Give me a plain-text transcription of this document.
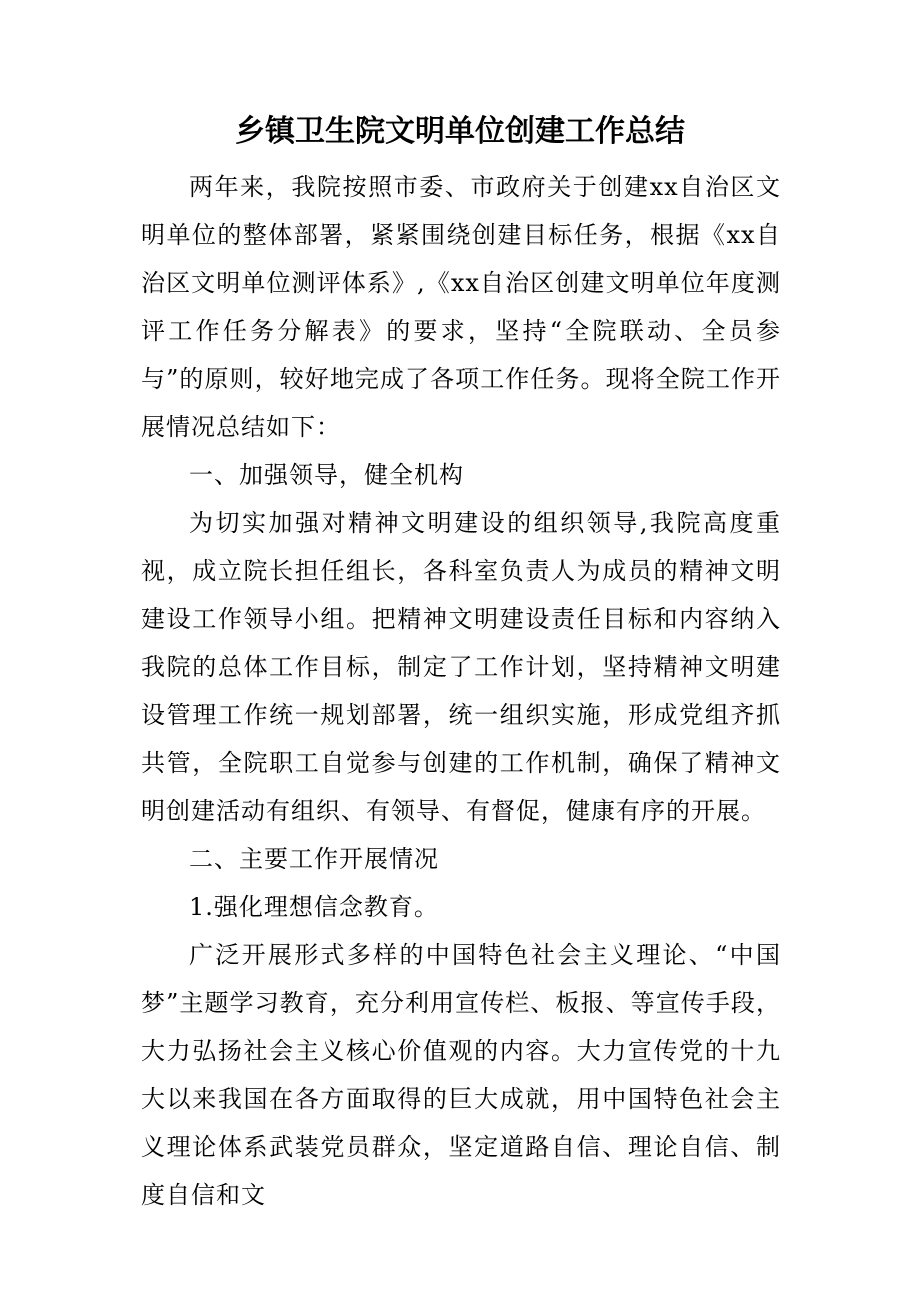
乡镇卫生院文明单位创建工作总结

两年来，我院按照市委、市政府关于创建xx自治区文明单位的整体部署，紧紧围绕创建目标任务，根据《xx自治区文明单位测评体系》,《xx自治区创建文明单位年度测评工作任务分解表》的要求，坚持“全院联动、全员参与”的原则，较好地完成了各项工作任务。现将全院工作开展情况总结如下：

一、加强领导，健全机构

为切实加强对精神文明建设的组织领导,我院高度重视，成立院长担任组长，各科室负责人为成员的精神文明建设工作领导小组。把精神文明建设责任目标和内容纳入我院的总体工作目标，制定了工作计划，坚持精神文明建设管理工作统一规划部署，统一组织实施，形成党组齐抓共管，全院职工自觉参与创建的工作机制，确保了精神文明创建活动有组织、有领导、有督促，健康有序的开展。

二、主要工作开展情况

1.强化理想信念教育。

广泛开展形式多样的中国特色社会主义理论、“中国梦”主题学习教育，充分利用宣传栏、板报、等宣传手段，大力弘扬社会主义核心价值观的内容。大力宣传党的十九大以来我国在各方面取得的巨大成就，用中国特色社会主义理论体系武装党员群众，坚定道路自信、理论自信、制度自信和文
